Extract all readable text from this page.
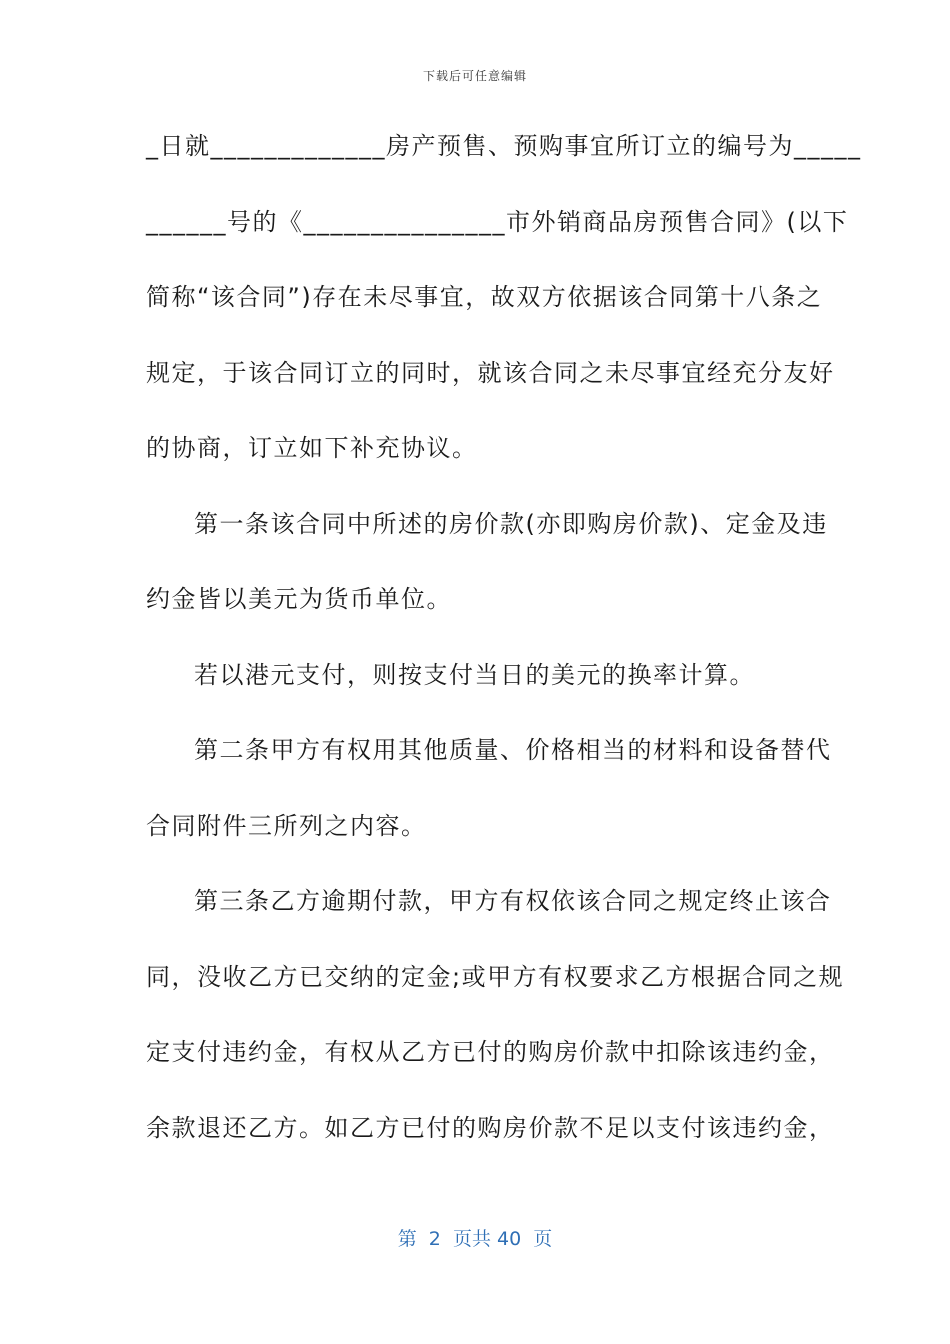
下载后可任意编辑
_日就_____________房产预售、预购事宜所订立的编号为_____
______号的《_______________市外销商品房预售合同》(以下
简称“该合同”)存在未尽事宜，故双方依据该合同第十八条之
规定，于该合同订立的同时，就该合同之未尽事宜经充分友好
的协商，订立如下补充协议。
第一条该合同中所述的房价款(亦即购房价款)、定金及违
约金皆以美元为货币单位。
若以港元支付，则按支付当日的美元的换率计算。
第二条甲方有权用其他质量、价格相当的材料和设备替代
合同附件三所列之内容。
第三条乙方逾期付款，甲方有权依该合同之规定终止该合
同，没收乙方已交纳的定金;或甲方有权要求乙方根据合同之规
定支付违约金，有权从乙方已付的购房价款中扣除该违约金，
余款退还乙方。如乙方已付的购房价款不足以支付该违约金，
第  2  页共 40  页
